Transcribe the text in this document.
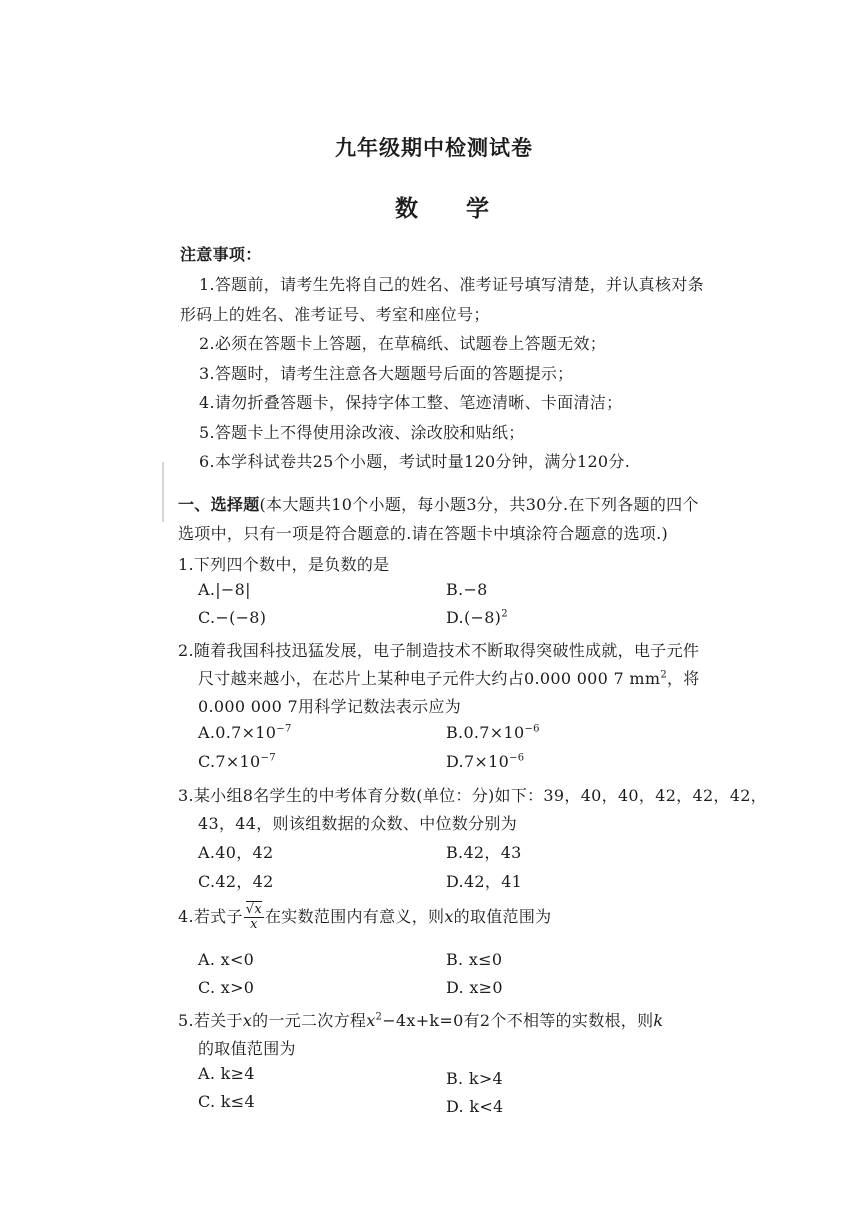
九年级期中检测试卷
数 学
注意事项：
1.答题前，请考生先将自己的姓名、准考证号填写清楚，并认真核对条
形码上的姓名、准考证号、考室和座位号；
2.必须在答题卡上答题，在草稿纸、试题卷上答题无效；
3.答题时，请考生注意各大题题号后面的答题提示；
4.请勿折叠答题卡，保持字体工整、笔迹清晰、卡面清洁；
5.答题卡上不得使用涂改液、涂改胶和贴纸；
6.本学科试卷共25个小题，考试时量120分钟，满分120分.
一、选择题(本大题共10个小题，每小题3分，共30分.在下列各题的四个
选项中，只有一项是符合题意的.请在答题卡中填涂符合题意的选项.)
1.下列四个数中，是负数的是
A.|−8|	B.−8
C.−(−8)	$D.(-8)^2$
2.随着我国科技迅猛发展，电子制造技术不断取得突破性成就，电子元件
尺寸越来越小，在芯片上某种电子元件大约占0.000 000 7 $mm^2$，将
0.000 000 7用科学记数法表示应为
$A.0.7\times 10^{-7}$	$B.0.7\times 10^{-6}$
$C.7\times 10^{-7}$	$D.7\times 10^{-6}$
3.某小组8名学生的中考体育分数(单位：分)如下：39，40，40，42，42，42，
43，44，则该组数据的众数、中位数分别为
A.40，42	B.42，43
C.42，42	D.42，41
4.若式子 $\frac{√x}{x}$ 在实数范围内有意义，则x的取值范围为
A. x<0	B. x≤0
C. x>0	D. x≥0
5.若关于x的一元二次方程$x^2-4x+k=0$有2个不相等的实数根，则k
的取值范围为
A. k≥4	B. k>4
C. k≤4	D. k<4
